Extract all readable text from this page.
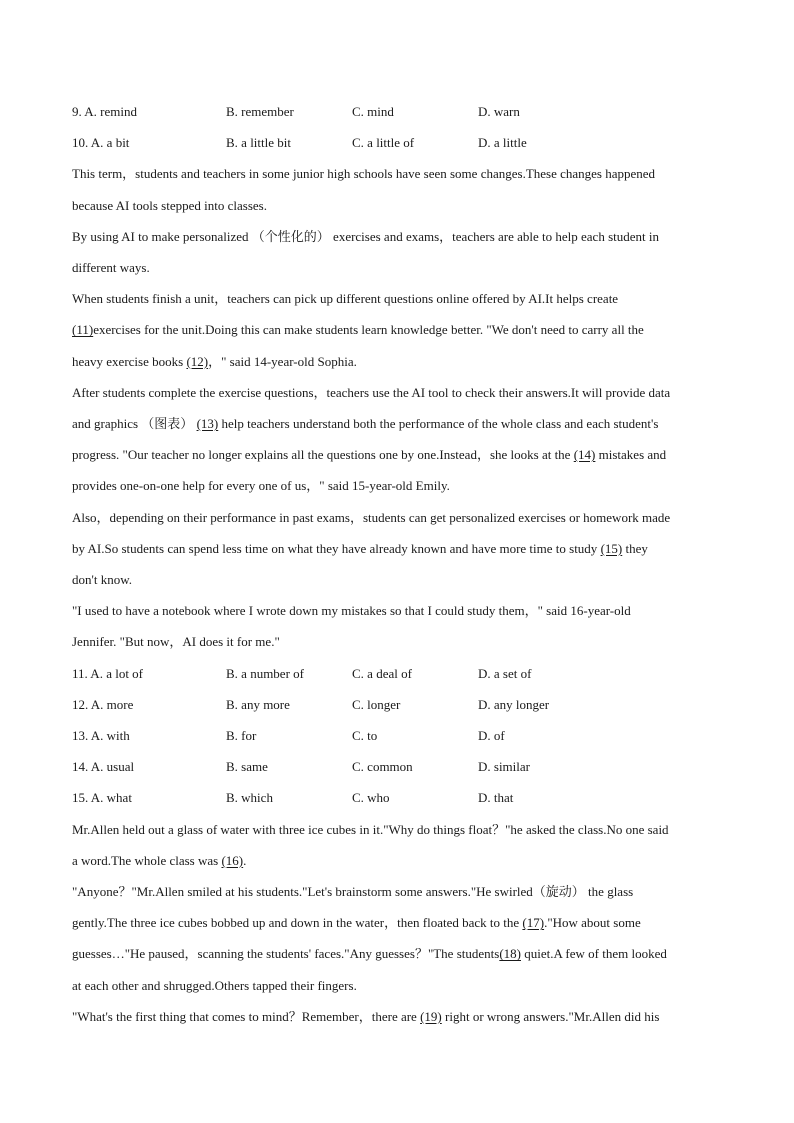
9. A. remind	B. remember	C. mind	D. warn
10. A. a bit	B. a little bit	C. a little of	D. a little
This term，students and teachers in some junior high schools have seen some changes.These changes happened
because AI tools stepped into classes.
By using AI to make personalized （个性化的） exercises and exams，teachers are able to help each student in
different ways.
When students finish a unit，teachers can pick up different questions online offered by AI.It helps create
(11)exercises for the unit.Doing this can make students learn knowledge better. "We don't need to carry all the
heavy exercise books (12)，" said 14-year-old Sophia.
After students complete the exercise questions，teachers use the AI tool to check their answers.It will provide data
and graphics （图表） (13) help teachers understand both the performance of the whole class and each student's
progress. "Our teacher no longer explains all the questions one by one.Instead，she looks at the (14) mistakes and
provides one-on-one help for every one of us，" said 15-year-old Emily.
Also，depending on their performance in past exams，students can get personalized exercises or homework made
by AI.So students can spend less time on what they have already known and have more time to study (15) they
don't know.
"I used to have a notebook where I wrote down my mistakes so that I could study them，" said 16-year-old
Jennifer. "But now，AI does it for me."
11. A. a lot of	B. a number of	C. a deal of	D. a set of
12. A. more	B. any more	C. longer	D. any longer
13. A. with	B. for	C. to	D. of
14. A. usual	B. same	C. common	D. similar
15. A. what	B. which	C. who	D. that
Mr.Allen held out a glass of water with three ice cubes in it."Why do things float？"he asked the class.No one said
a word.The whole class was (16).
"Anyone？"Mr.Allen smiled at his students."Let's brainstorm some answers."He swirled（旋动） the glass
gently.The three ice cubes bobbed up and down in the water，then floated back to the (17)."How about some
guesses…"He paused，scanning the students' faces."Any guesses？"The students(18) quiet.A few of them looked
at each other and shrugged.Others tapped their fingers.
"What's the first thing that comes to mind？Remember，there are (19) right or wrong answers."Mr.Allen did his
